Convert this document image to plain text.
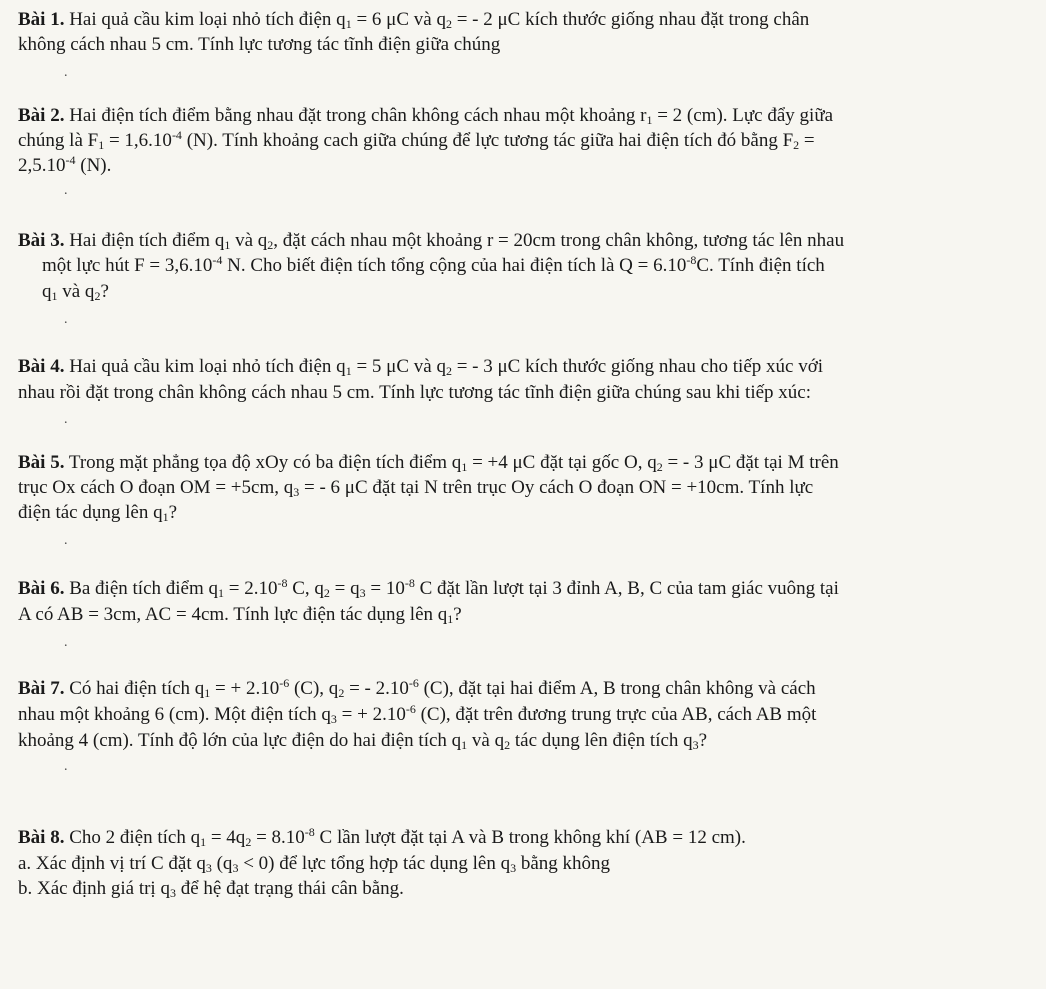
Bài 1. Hai quả cầu kim loại nhỏ tích điện $q_1 = 6$ μC và $q_2$ = - 2 μC kích thước giống nhau đặt trong chân
không cách nhau 5 cm. Tính lực tương tác tĩnh điện giữa chúng
.
Bài 2. Hai điện tích điểm bằng nhau đặt trong chân không cách nhau một khoảng $r_1 = 2$ (cm). Lực đẩy giữa
chúng là $F_1 = 1,6.10^{-4}$ (N). Tính khoảng cach giữa chúng để lực tương tác giữa hai điện tích đó bằng $F_2$ =
$2,5.10^{-4}$ (N).
.
Bài 3. Hai điện tích điểm $q_1$ và $q_2$, đặt cách nhau một khoảng r = 20cm trong chân không, tương tác lên nhau
một lực hút $F = 3,6.10^{-4}$ N. Cho biết điện tích tổng cộng của hai điện tích là $Q = 6.10^{-8}C$. Tính điện tích
$q_1$ và $q_2$?
.
Bài 4. Hai quả cầu kim loại nhỏ tích điện $q_1 = 5$ μC và $q_2$ = - 3 μC kích thước giống nhau cho tiếp xúc với
nhau rồi đặt trong chân không cách nhau 5 cm. Tính lực tương tác tĩnh điện giữa chúng sau khi tiếp xúc:
.
Bài 5. Trong mặt phẳng tọa độ xOy có ba điện tích điểm $q_1 = +4$ μC đặt tại gốc O, $q_2$ = - 3 μC đặt tại M trên
trục Ox cách O đoạn OM = +5cm, $q_3$ = - 6 μC đặt tại N trên trục Oy cách O đoạn ON = +10cm. Tính lực
điện tác dụng lên $q_1$?
.
Bài 6. Ba điện tích điểm $q_1 = 2.10^{-8}$ C, $q_2 = q_3 = 10^{-8}$ C đặt lần lượt tại 3 đỉnh A, B, C của tam giác vuông tại
A có AB = 3cm, AC = 4cm. Tính lực điện tác dụng lên $q_1$?
.
Bài 7. Có hai điện tích $q_1$ = + $2.10^{-6}$ (C), $q_2$ = - $2.10^{-6}$ (C), đặt tại hai điểm A, B trong chân không và cách
nhau một khoảng 6 (cm). Một điện tích $q_3$ = + $2.10^{-6}$ (C), đặt trên đương trung trực của AB, cách AB một
khoảng 4 (cm). Tính độ lớn của lực điện do hai điện tích $q_1$ và $q_2$ tác dụng lên điện tích $q_3$?
.
Bài 8. Cho 2 điện tích $q_1 = 4q_2 = 8.10^{-8}$ C lần lượt đặt tại A và B trong không khí (AB = 12 cm).
a. Xác định vị trí C đặt $q_3$ $(q_3 < 0)$ để lực tổng hợp tác dụng lên $q_3$ bằng không
b. Xác định giá trị $q_3$ để hệ đạt trạng thái cân bằng.
